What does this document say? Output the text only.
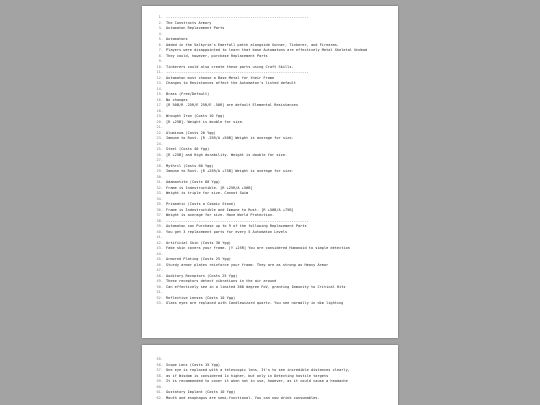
1. ------------------------------------------------------------------
2. The Constructs Armory
3. Automaton Replacement Parts
4.
5. Automatons
6. Added in the Valkyrie's Emerfall patch alongside Gunner, Tinkerer, and Firearms.
7. Players were disappointed to learn that base Automatons are effectively Metal Skeletal Undead
8. They could, however, purchase Replacement Parts
9.
10. Tinkerers could also create these parts using Craft Skills.
11. ------------------------------------------------------------------
12. Automaton must choose a Base Metal for their Frame
13. Changes to Resistances affect the Automaton's listed default
14.
15. Brass (Free/Default)
16. No changes
17. [R 50B/R -25R/E 25R/E -50R] are default Elemental Resistances
18.
19. Wrought Iron (Costs 10 Ygg)
20. [R +25B]. Weight is double for size.
21.
22. Aluminum (Costs 20 Ygg)
23. Immune to Rust. [R -25R/A +50B] Weight is average for size.
24.
25. Steel (Costs 40 Ygg)
26. [R +25B] and High durability. Weight is double for size.
27.
28. Mythril (Costs 60 Ygg)
29. Immune to Rust. [R +25R/A +75B] Weight is average for size.
30.
31. Adamantite (Costs 80 Ygg)
32. Frame is Indestructible. [R +25R/A +50B]
33. Weight is triple for size. Cannot Swim
34.
35. Prismatic (Costs a Cosmic Stone)
36. Frame is Indestructible and Immune to Rust. [R +50B/A +75B]
37. Weight is average for size. Have World Protection.
38. ------------------------------------------------------------------
39. Automaton can Purchase up to 9 of the following Replacement Parts
40. You get 3 replacement parts for every 5 Automaton Levels
41.
42. Artificial Skin (Costs 30 Ygg)
43. Fake skin covers your frame. [Y +25R] You are considered Humanoid to simple detection
44.
45. Armored Plating (Costs 25 Ygg)
46. Sturdy armor plates reinforce your frame. They are as strong as Heavy Armor
47.
48. Auditory Receptors (Costs 25 Ygg)
49. These receptors detect vibrations in the air around
50. Can effectively see in a limited 360 degree FoV, granting Immunity to Critical Hits
51.
52. Reflective Lenses (Costs 10 Ygg)
53. Glass eyes are replaced with Candlewizard quartz. You see normally in dim lighting
55.
56. Scope Lens (Costs 15 Ygg)
57. One eye is replaced with a telescopic lens. It's to see incredible distances clearly,
58. as if Wisdom is considered 1x higher, but only in Detecting hostile targets
59. It is recommended to cover it when not in use, however, as it could cause a headache
60.
61. Gustatory Implant (Costs 10 Ygg)
62. Mouth and esophagus are semi-functional. You can now drink consumables.
